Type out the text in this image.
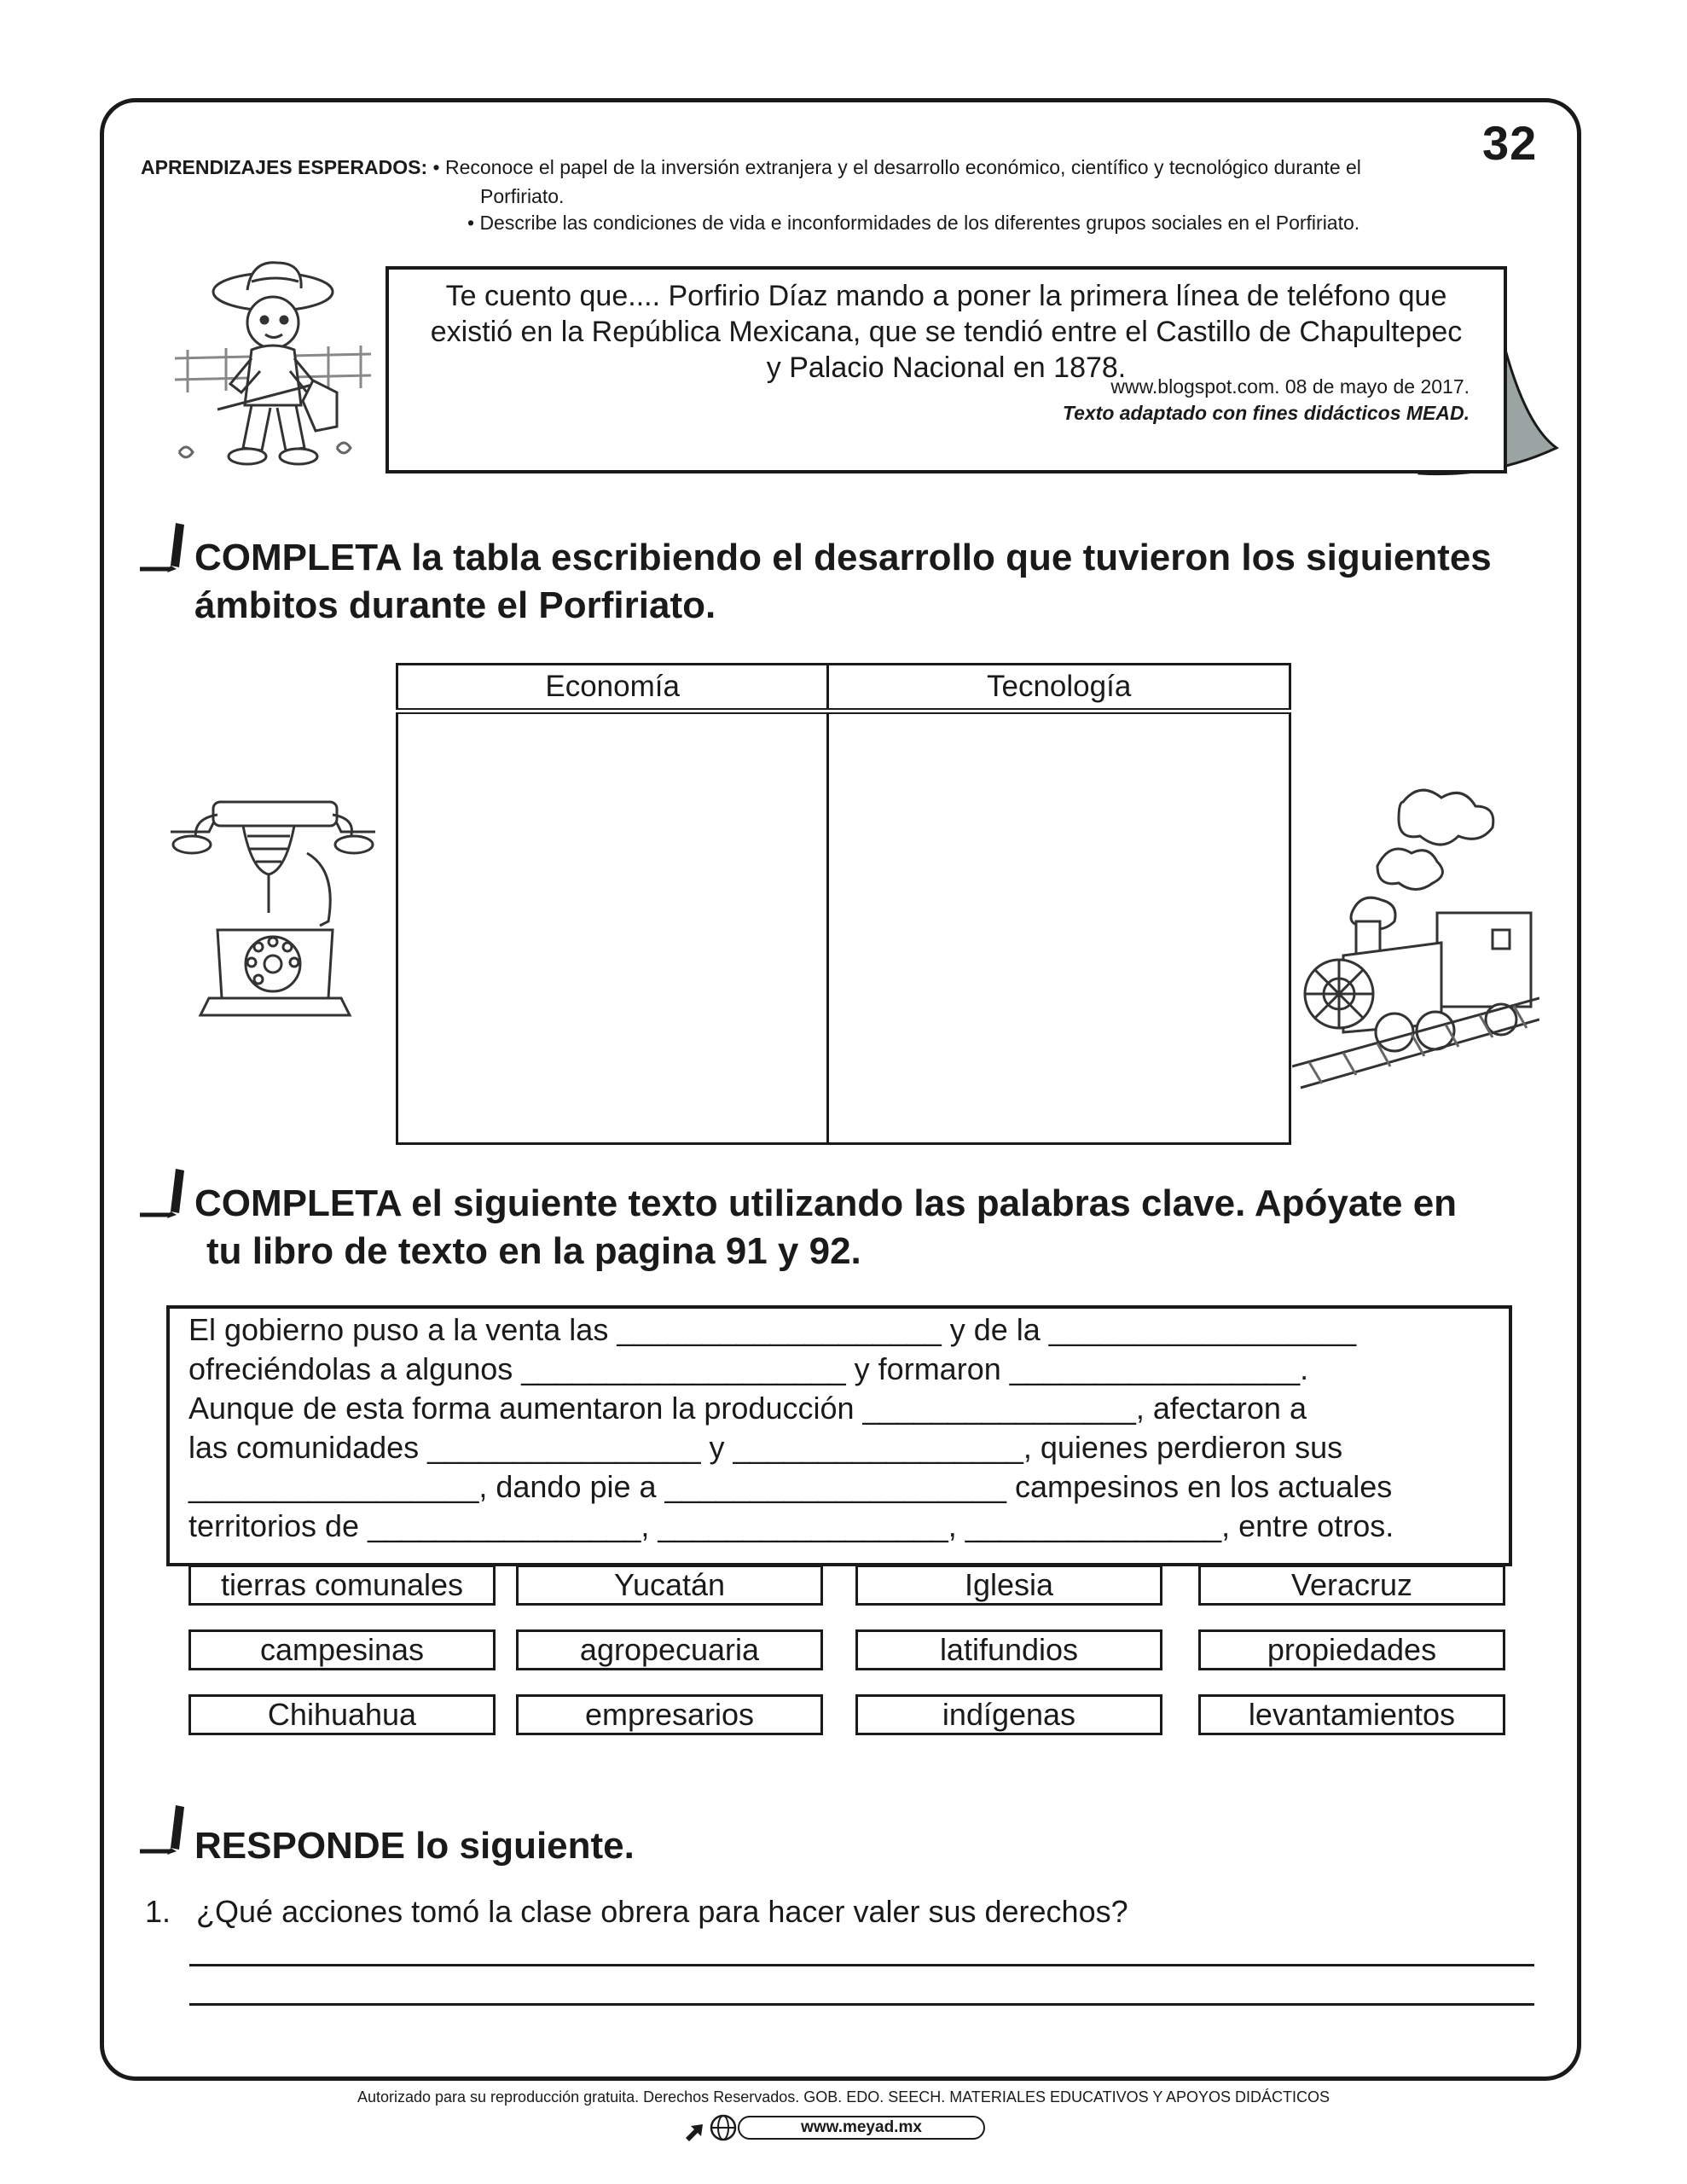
32
APRENDIZAJES ESPERADOS: • Reconoce el papel de la inversión extranjera y el desarrollo económico, científico y tecnológico durante el
Porfiriato.
• Describe las condiciones de vida e inconformidades de los diferentes grupos sociales en el Porfiriato.
Te cuento que.... Porfirio Díaz mando a poner la primera línea de teléfono que
existió en la República Mexicana, que se tendió entre el Castillo de Chapultepec
y Palacio Nacional en 1878.
www.blogspot.com. 08 de mayo de 2017.
Texto adaptado con fines didácticos MEAD.
COMPLETA la tabla escribiendo el desarrollo que tuvieron los siguientes
ámbitos durante el Porfiriato.
Economía	Tecnología

COMPLETA el siguiente texto utilizando las palabras clave. Apóyate en
tu libro de texto en la pagina 91 y 92.
El gobierno puso a la venta las ___________________ y de la __________________
ofreciéndolas a algunos ___________________ y formaron _________________.
Aunque de esta forma aumentaron la producción ________________, afectaron a
las comunidades ________________ y _________________, quienes perdieron sus
_________________, dando pie a ____________________ campesinos en los actuales
territorios de ________________, _________________, _______________, entre otros.
tierras comunales	Yucatán	Iglesia	Veracruz
campesinas	agropecuaria	latifundios	propiedades
Chihuahua	empresarios	indígenas	levantamientos
RESPONDE lo siguiente.
1. ¿Qué acciones tomó la clase obrera para hacer valer sus derechos?
Autorizado para su reproducción gratuita. Derechos Reservados. GOB. EDO. SEECH. MATERIALES EDUCATIVOS Y APOYOS DIDÁCTICOS
www.meyad.mx
